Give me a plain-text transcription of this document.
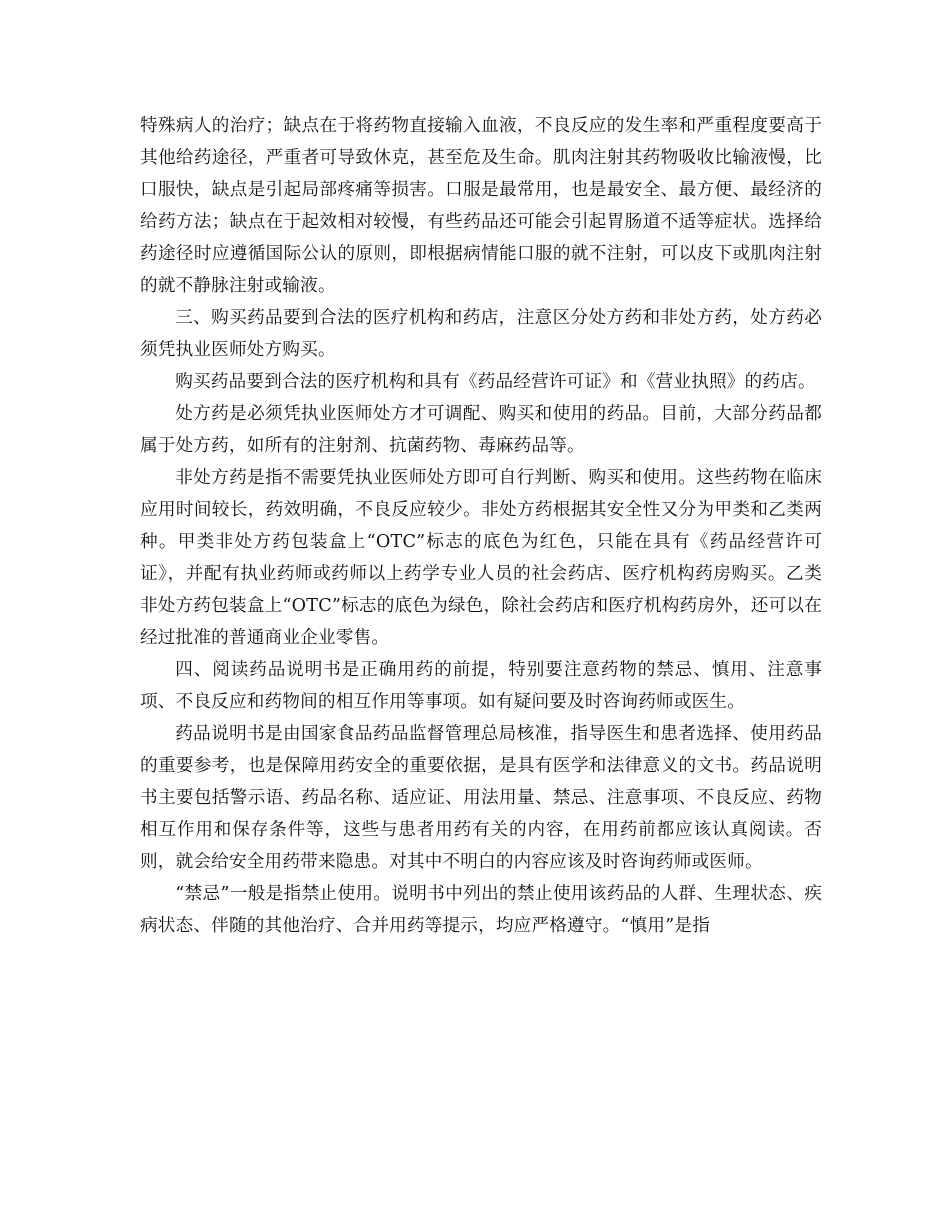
特殊病人的治疗；缺点在于将药物直接输入血液，不良反应的发生率和严重程度要高于其他给药途径，严重者可导致休克，甚至危及生命。肌肉注射其药物吸收比输液慢，比口服快，缺点是引起局部疼痛等损害。口服是最常用，也是最安全、最方便、最经济的给药方法；缺点在于起效相对较慢，有些药品还可能会引起胃肠道不适等症状。选择给药途径时应遵循国际公认的原则，即根据病情能口服的就不注射，可以皮下或肌肉注射的就不静脉注射或输液。

三、购买药品要到合法的医疗机构和药店，注意区分处方药和非处方药，处方药必须凭执业医师处方购买。

购买药品要到合法的医疗机构和具有《药品经营许可证》和《营业执照》的药店。

处方药是必须凭执业医师处方才可调配、购买和使用的药品。目前，大部分药品都属于处方药，如所有的注射剂、抗菌药物、毒麻药品等。

非处方药是指不需要凭执业医师处方即可自行判断、购买和使用。这些药物在临床应用时间较长，药效明确，不良反应较少。非处方药根据其安全性又分为甲类和乙类两种。甲类非处方药包装盒上“OTC”标志的底色为红色，只能在具有《药品经营许可证》，并配有执业药师或药师以上药学专业人员的社会药店、医疗机构药房购买。乙类非处方药包装盒上“OTC”标志的底色为绿色，除社会药店和医疗机构药房外，还可以在经过批准的普通商业企业零售。

四、阅读药品说明书是正确用药的前提，特别要注意药物的禁忌、慎用、注意事项、不良反应和药物间的相互作用等事项。如有疑问要及时咨询药师或医生。

药品说明书是由国家食品药品监督管理总局核准，指导医生和患者选择、使用药品的重要参考，也是保障用药安全的重要依据，是具有医学和法律意义的文书。药品说明书主要包括警示语、药品名称、适应证、用法用量、禁忌、注意事项、不良反应、药物相互作用和保存条件等，这些与患者用药有关的内容，在用药前都应该认真阅读。否则，就会给安全用药带来隐患。对其中不明白的内容应该及时咨询药师或医师。

“禁忌”一般是指禁止使用。说明书中列出的禁止使用该药品的人群、生理状态、疾病状态、伴随的其他治疗、合并用药等提示，均应严格遵守。“慎用”是指
